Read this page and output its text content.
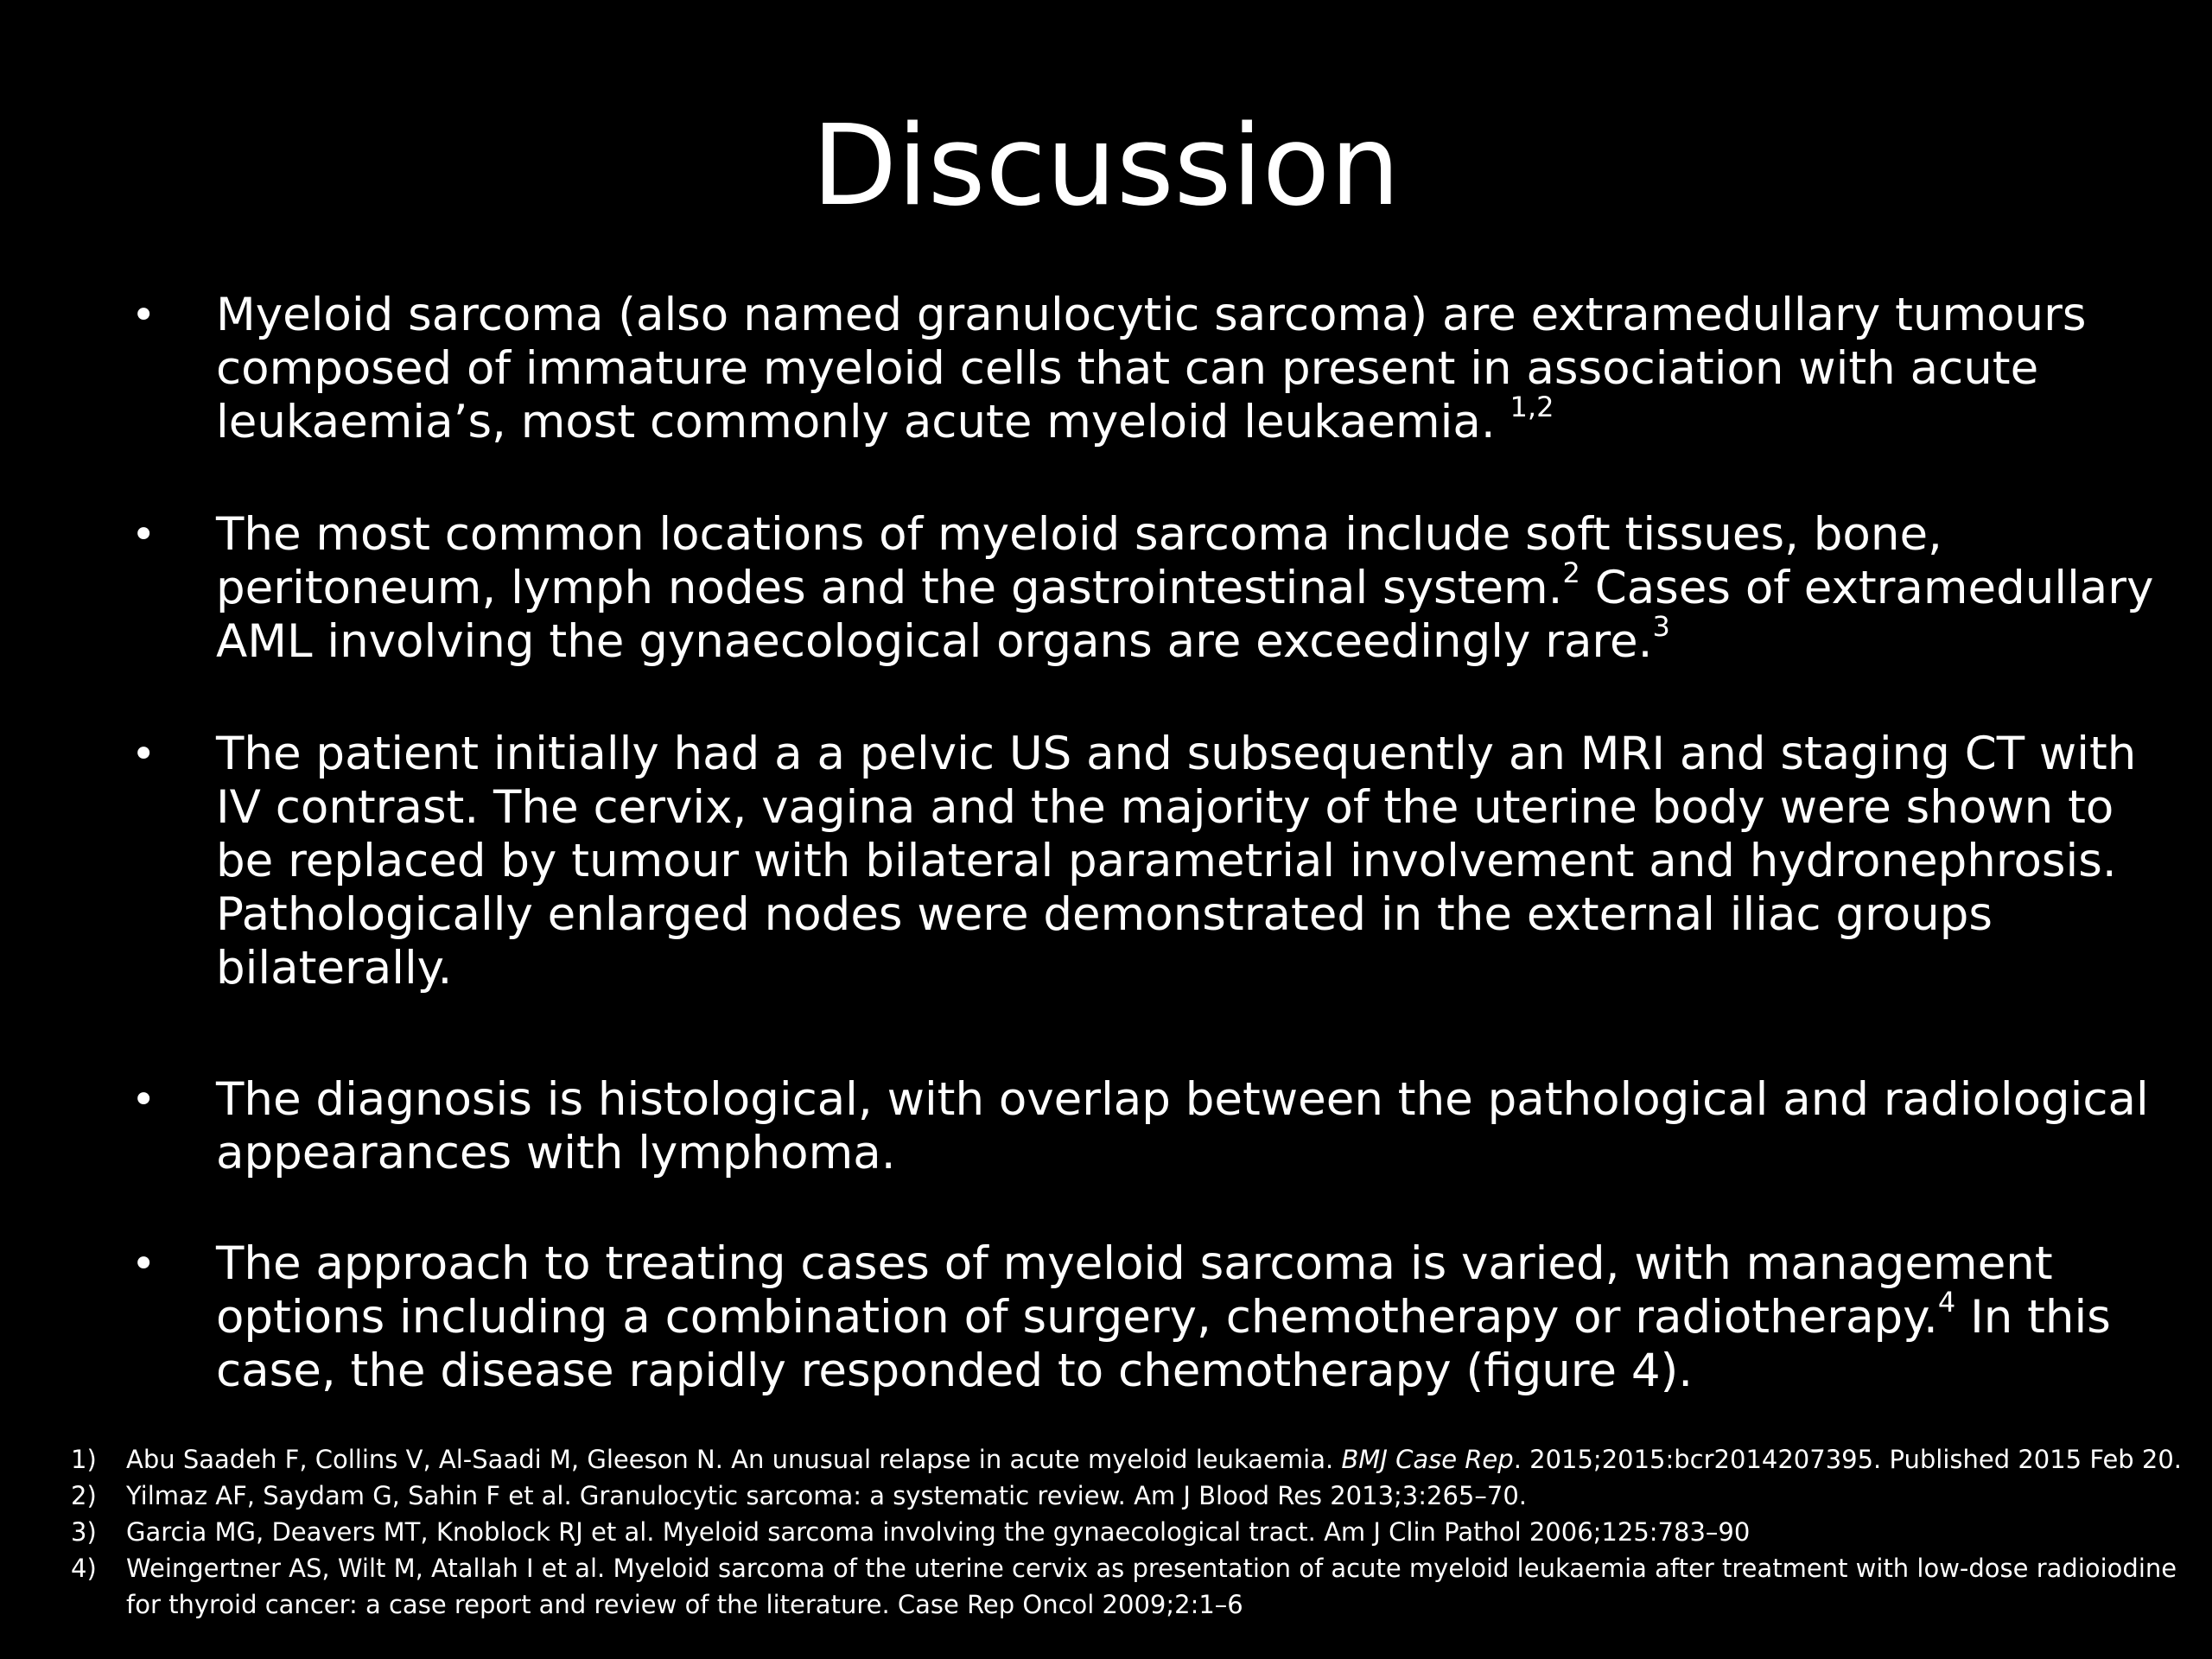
Discussion
• Myeloid sarcoma (also named granulocytic sarcoma) are extramedullary tumours composed of immature myeloid cells that can present in association with acute leukaemia’s, most commonly acute myeloid leukaemia. $^{1,2}$
• The most common locations of myeloid sarcoma include soft tissues, bone, peritoneum, lymph nodes and the gastrointestinal system.$^2$ Cases of extramedullary AML involving the gynaecological organs are exceedingly rare.$^3$
• The patient initially had a a pelvic US and subsequently an MRI and staging CT with IV contrast. The cervix, vagina and the majority of the uterine body were shown to be replaced by tumour with bilateral parametrial involvement and hydronephrosis. Pathologically enlarged nodes were demonstrated in the external iliac groups bilaterally.
• The diagnosis is histological, with overlap between the pathological and radiological appearances with lymphoma.
• The approach to treating cases of myeloid sarcoma is varied, with management options including a combination of surgery, chemotherapy or radiotherapy.$^4$ In this case, the disease rapidly responded to chemotherapy (figure 4).
1) Abu Saadeh F, Collins V, Al-Saadi M, Gleeson N. An unusual relapse in acute myeloid leukaemia. BMJ Case Rep. 2015;2015:bcr2014207395. Published 2015 Feb 20.
2) Yilmaz AF, Saydam G, Sahin F et al. Granulocytic sarcoma: a systematic review. Am J Blood Res 2013;3:265–70.
3) Garcia MG, Deavers MT, Knoblock RJ et al. Myeloid sarcoma involving the gynaecological tract. Am J Clin Pathol 2006;125:783–90
4) Weingertner AS, Wilt M, Atallah I et al. Myeloid sarcoma of the uterine cervix as presentation of acute myeloid leukaemia after treatment with low-dose radioiodine for thyroid cancer: a case report and review of the literature. Case Rep Oncol 2009;2:1–6
